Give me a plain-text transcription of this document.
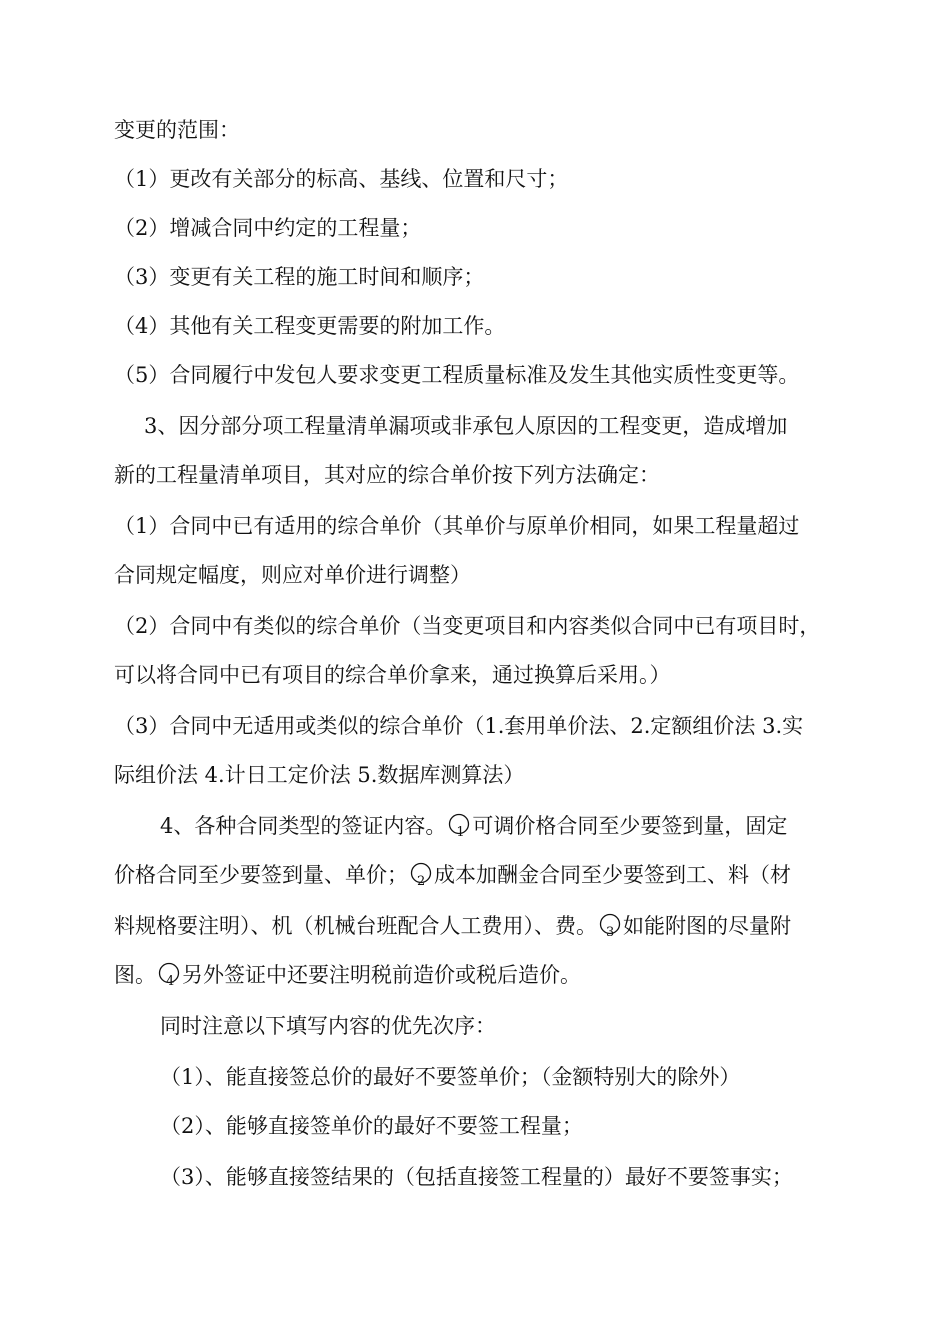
变更的范围：
（1）更改有关部分的标高、基线、位置和尺寸；
（2）增减合同中约定的工程量；
（3）变更有关工程的施工时间和顺序；
（4）其他有关工程变更需要的附加工作。
（5）合同履行中发包人要求变更工程质量标准及发生其他实质性变更等。
3、因分部分项工程量清单漏项或非承包人原因的工程变更，造成增加
新的工程量清单项目，其对应的综合单价按下列方法确定：
（1）合同中已有适用的综合单价（其单价与原单价相同，如果工程量超过
合同规定幅度，则应对单价进行调整）
（2）合同中有类似的综合单价（当变更项目和内容类似合同中已有项目时，
可以将合同中已有项目的综合单价拿来，通过换算后采用。）
（3）合同中无适用或类似的综合单价（1.套用单价法、2.定额组价法 3.实
际组价法 4.计日工定价法 5.数据库测算法）
4、各种合同类型的签证内容。 1 可调价格合同至少要签到量，固定
价格合同至少要签到量、单价； 2 成本加酬金合同至少要签到工、料（材
料规格要注明）、机（机械台班配合人工费用）、费。 3 如能附图的尽量附
图。 4 另外签证中还要注明税前造价或税后造价。
同时注意以下填写内容的优先次序：
（1）、能直接签总价的最好不要签单价；（金额特别大的除外）
（2）、能够直接签单价的最好不要签工程量；
（3）、能够直接签结果的（包括直接签工程量的）最好不要签事实；
